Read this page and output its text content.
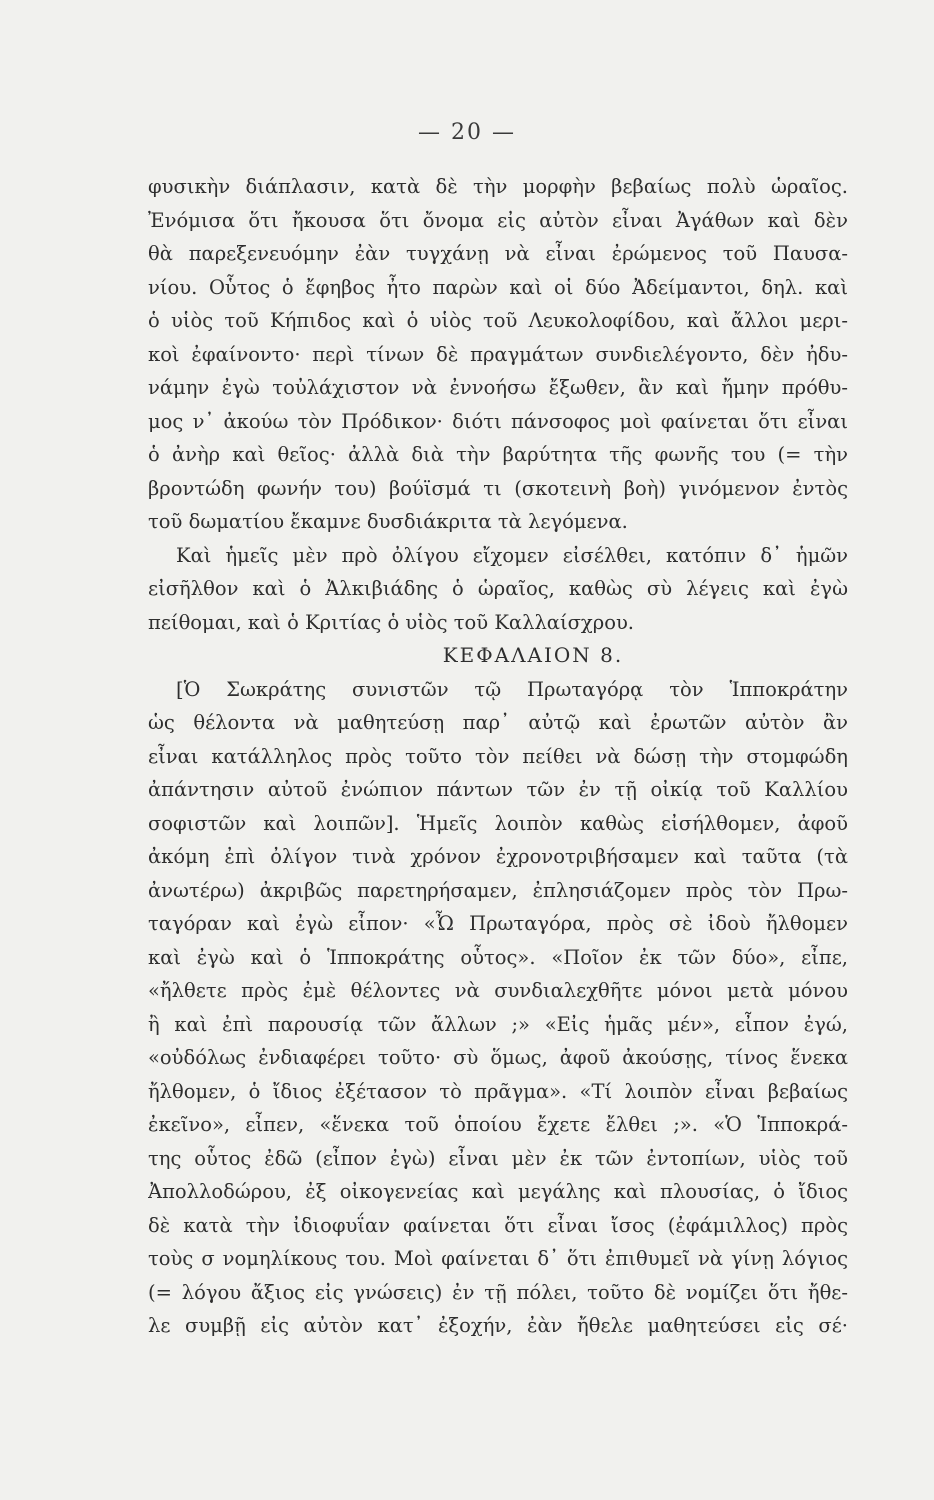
— 20 —
φυσικὴν διάπλασιν, κατὰ δὲ τὴν μορφὴν βεβαίως πολὺ ὡραῖος.
Ἐνόμισα ὅτι ἤκουσα ὅτι ὄνομα εἰς αὐτὸν εἶναι Ἀγάθων καὶ δὲν
θὰ παρεξενευόμην ἐὰν τυγχάνῃ νὰ εἶναι ἐρώμενος τοῦ Παυσα-
νίου. Οὗτος ὁ ἔφηβος ἦτο παρὼν καὶ οἱ δύο Ἀδείμαντοι, δηλ. καὶ
ὁ υἱὸς τοῦ Κήπιδος καὶ ὁ υἱὸς τοῦ Λευκολοφίδου, καὶ ἄλλοι μερι-
κοὶ ἐφαίνοντο· περὶ τίνων δὲ πραγμάτων συνδιελέγοντο, δὲν ἠδυ-
νάμην ἐγὼ τοὐλάχιστον νὰ ἐννοήσω ἔξωθεν, ἂν καὶ ἤμην πρόθυ-
μος ν᾿ ἀκούω τὸν Πρόδικον· διότι πάνσοφος μοὶ φαίνεται ὅτι εἶναι
ὁ ἀνὴρ καὶ θεῖος· ἀλλὰ διὰ τὴν βαρύτητα τῆς φωνῆς του (= τὴν
βροντώδη φωνήν του) βούϊσμά τι (σκοτεινὴ βοὴ) γινόμενον ἐντὸς
τοῦ δωματίου ἔκαμνε δυσδιάκριτα τὰ λεγόμενα.
Καὶ ἡμεῖς μὲν πρὸ ὀλίγου εἴχομεν εἰσέλθει, κατόπιν δ᾿ ἡμῶν
εἰσῆλθον καὶ ὁ Ἀλκιβιάδης ὁ ὡραῖος, καθὼς σὺ λέγεις καὶ ἐγὼ
πείθομαι, καὶ ὁ Κριτίας ὁ υἱὸς τοῦ Καλλαίσχρου.
ΚΕΦΑΛΑΙΟΝ 8.
[Ὁ Σωκράτης συνιστῶν τῷ Πρωταγόρᾳ τὸν Ἱπποκράτην
ὡς θέλοντα νὰ μαθητεύσῃ παρ᾿ αὐτῷ καὶ ἐρωτῶν αὐτὸν ἂν
εἶναι κατάλληλος πρὸς τοῦτο τὸν πείθει νὰ δώσῃ τὴν στομφώδη
ἀπάντησιν αὐτοῦ ἐνώπιον πάντων τῶν ἐν τῇ οἰκίᾳ τοῦ Καλλίου
σοφιστῶν καὶ λοιπῶν]. Ἡμεῖς λοιπὸν καθὼς εἰσήλθομεν, ἀφοῦ
ἀκόμη ἐπὶ ὀλίγον τινὰ χρόνον ἐχρονοτριβήσαμεν καὶ ταῦτα (τὰ
ἀνωτέρω) ἀκριβῶς παρετηρήσαμεν, ἐπλησιάζομεν πρὸς τὸν Πρω-
ταγόραν καὶ ἐγὼ εἶπον· «Ὦ Πρωταγόρα, πρὸς σὲ ἰδοὺ ἤλθομεν
καὶ ἐγὼ καὶ ὁ Ἱπποκράτης οὗτος». «Ποῖον ἐκ τῶν δύο», εἶπε,
«ἤλθετε πρὸς ἐμὲ θέλοντες νὰ συνδιαλεχθῆτε μόνοι μετὰ μόνου
ἢ καὶ ἐπὶ παρουσίᾳ τῶν ἄλλων ;» «Εἰς ἡμᾶς μέν», εἶπον ἐγώ,
«οὐδόλως ἐνδιαφέρει τοῦτο· σὺ ὅμως, ἀφοῦ ἀκούσῃς, τίνος ἕνεκα
ἤλθομεν, ὁ ἴδιος ἐξέτασον τὸ πρᾶγμα». «Τί λοιπὸν εἶναι βεβαίως
ἐκεῖνο», εἶπεν, «ἕνεκα τοῦ ὁποίου ἔχετε ἔλθει ;». «Ὁ Ἱπποκρά-
της οὗτος ἐδῶ (εἶπον ἐγὼ) εἶναι μὲν ἐκ τῶν ἐντοπίων, υἱὸς τοῦ
Ἀπολλοδώρου, ἐξ οἰκογενείας καὶ μεγάλης καὶ πλουσίας, ὁ ἴδιος
δὲ κατὰ τὴν ἰδιοφυΐαν φαίνεται ὅτι εἶναι ἴσος (ἐφάμιλλος) πρὸς
τοὺς σ νομηλίκους του. Μοὶ φαίνεται δ᾿ ὅτι ἐπιθυμεῖ νὰ γίνῃ λόγιος
(= λόγου ἄξιος εἰς γνώσεις) ἐν τῇ πόλει, τοῦτο δὲ νομίζει ὅτι ἤθε-
λε συμβῇ εἰς αὐτὸν κατ᾿ ἐξοχήν, ἐὰν ἤθελε μαθητεύσει εἰς σέ·
